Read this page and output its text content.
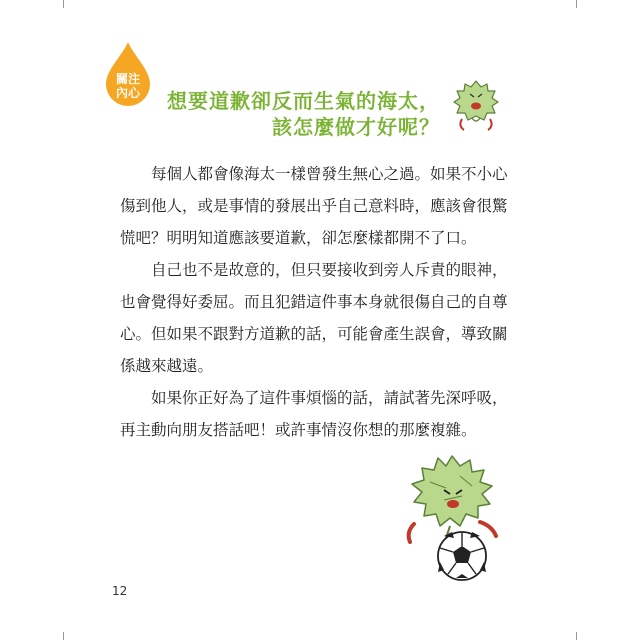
關注
內心	想要道歉卻反而生氣的海太，
該怎麼做才好呢？

每個人都會像海太一樣曾發生無心之過。如果不小心傷到他人，或是事情的發展出乎自己意料時，應該會很驚慌吧？明明知道應該要道歉，卻怎麼樣都開不了口。

自己也不是故意的，但只要接收到旁人斥責的眼神，也會覺得好委屈。而且犯錯這件事本身就很傷自己的自尊心。 但如果不跟對方道歉的話，可能會產生誤會，導致關係越來越遠。

如果你正好為了這件事煩惱的話，請試著先深呼吸，再主動向朋友搭話吧！或許事情沒你想的那麼複雜。

12
